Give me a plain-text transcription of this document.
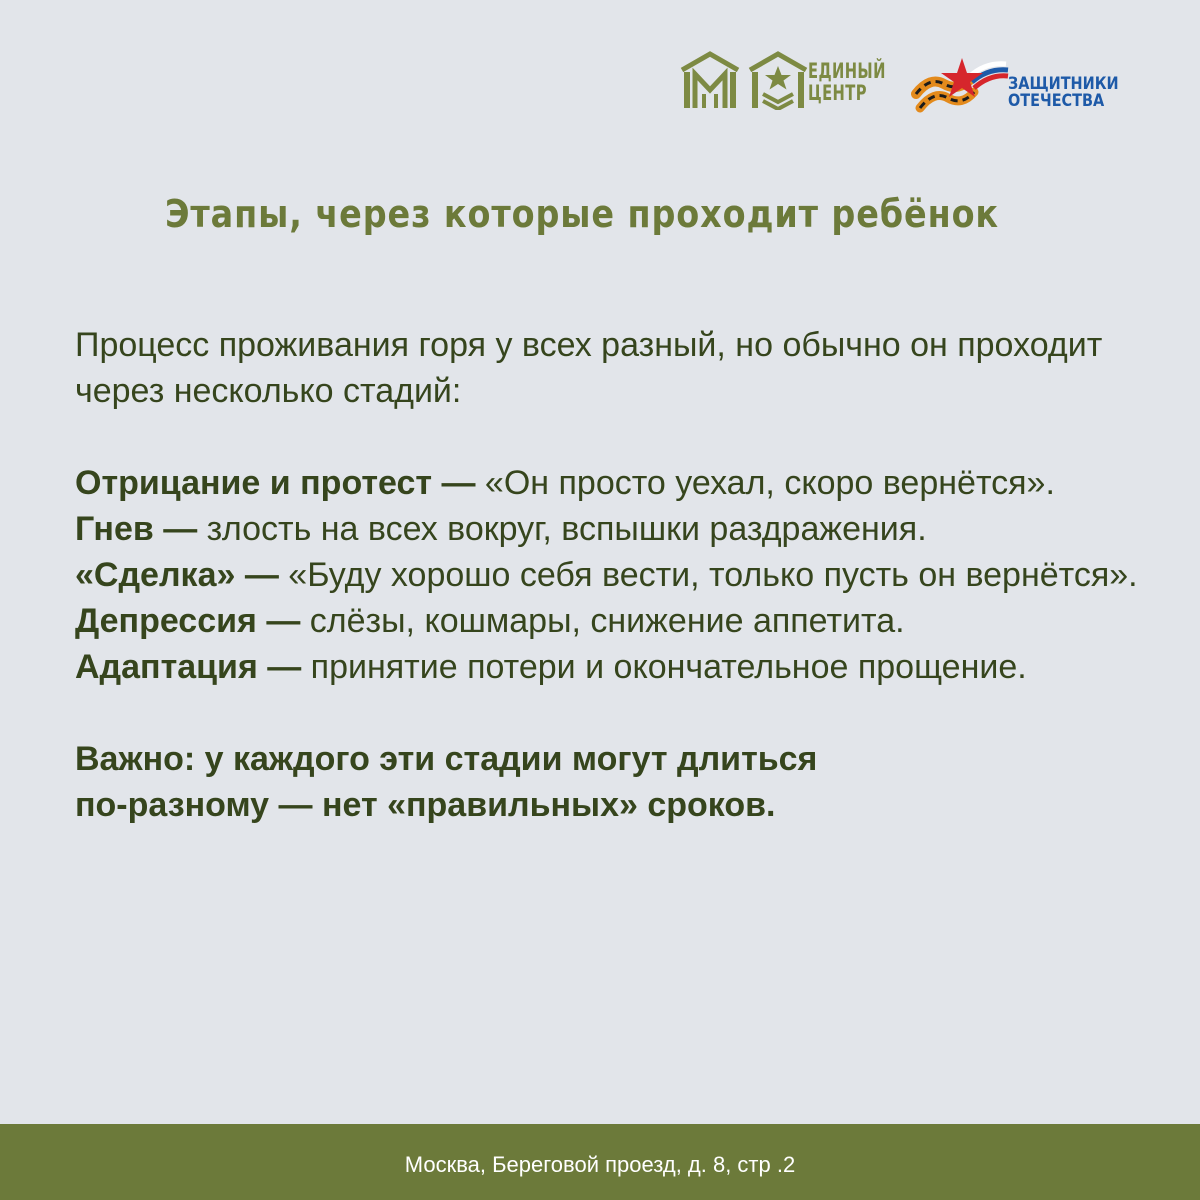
ЕДИНЫЙ
ЦЕНТР	ЗАЩИТНИКИ
ОТЕЧЕСТВА
Этапы, через которые проходит ребёнок

Процесс проживания горя у всех разный, но обычно он проходит через несколько стадий:

Отрицание и протест — «Он просто уехал, скоро вернётся».

Гнев — злость на всех вокруг, вспышки раздражения.

«Сделка» — «Буду хорошо себя вести, только пусть он вернётся».

Депрессия — слёзы, кошмары, снижение аппетита.

Адаптация — принятие потери и окончательное прощение.

Важно: у каждого эти стадии могут длиться

по-разному — нет «правильных» сроков.

Москва, Береговой проезд, д. 8, стр .2
